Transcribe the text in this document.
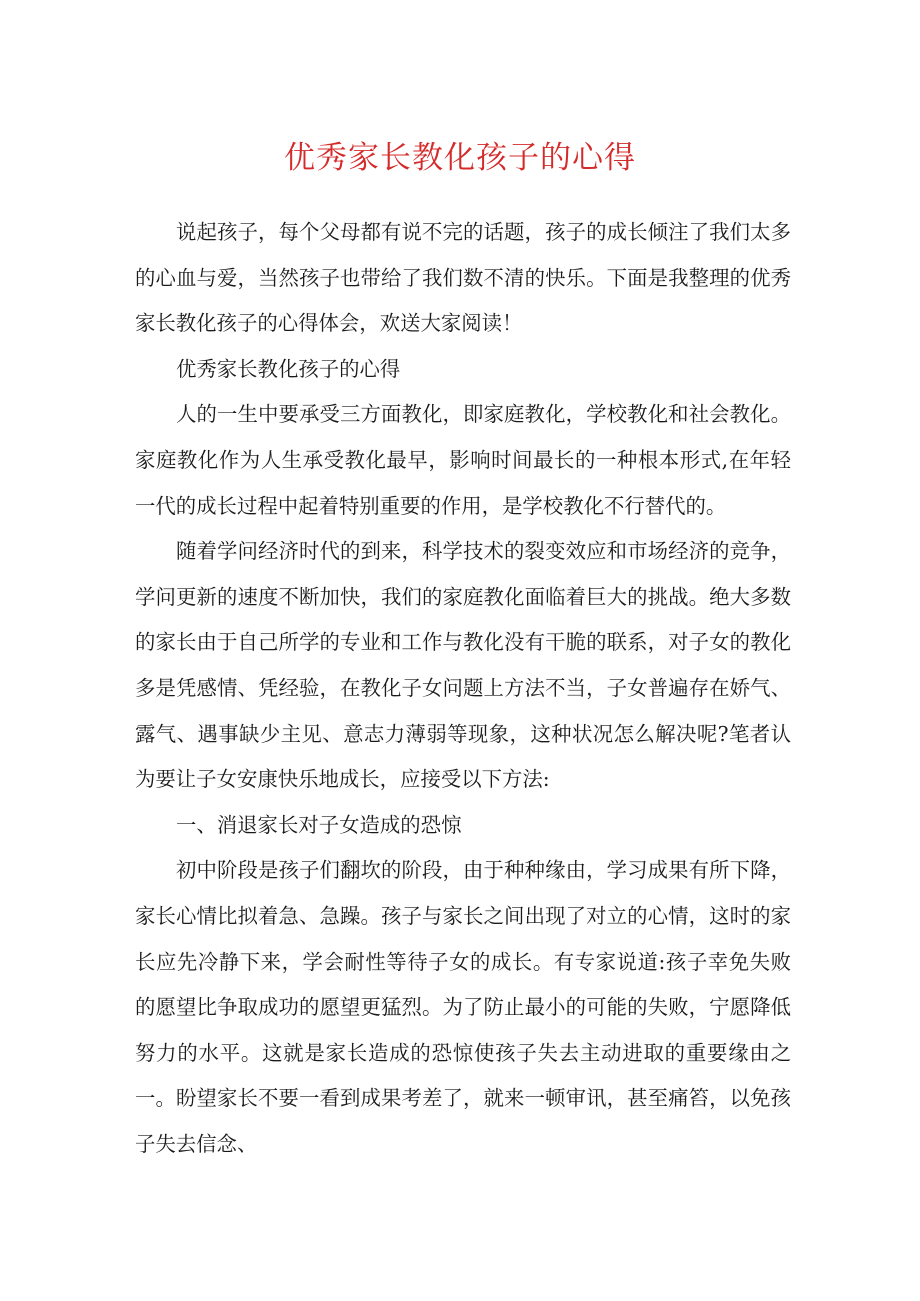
优秀家长教化孩子的心得

说起孩子，每个父母都有说不完的话题，孩子的成长倾注了我们太多的心血与爱，当然孩子也带给了我们数不清的快乐。下面是我整理的优秀家长教化孩子的心得体会，欢送大家阅读！

优秀家长教化孩子的心得

人的一生中要承受三方面教化，即家庭教化，学校教化和社会教化。家庭教化作为人生承受教化最早，影响时间最长的一种根本形式,在年轻一代的成长过程中起着特别重要的作用，是学校教化不行替代的。

随着学问经济时代的到来，科学技术的裂变效应和市场经济的竞争，学问更新的速度不断加快，我们的家庭教化面临着巨大的挑战。绝大多数的家长由于自己所学的专业和工作与教化没有干脆的联系，对子女的教化多是凭感情、凭经验，在教化子女问题上方法不当，子女普遍存在娇气、露气、遇事缺少主见、意志力薄弱等现象，这种状况怎么解决呢?笔者认为要让子女安康快乐地成长，应接受以下方法:

一、消退家长对子女造成的恐惊

初中阶段是孩子们翻坎的阶段，由于种种缘由，学习成果有所下降，家长心情比拟着急、急躁。孩子与家长之间出现了对立的心情，这时的家长应先冷静下来，学会耐性等待子女的成长。有专家说道:孩子幸免失败的愿望比争取成功的愿望更猛烈。为了防止最小的可能的失败，宁愿降低努力的水平。这就是家长造成的恐惊使孩子失去主动进取的重要缘由之一。盼望家长不要一看到成果考差了，就来一顿审讯，甚至痛笞，以免孩子失去信念、
